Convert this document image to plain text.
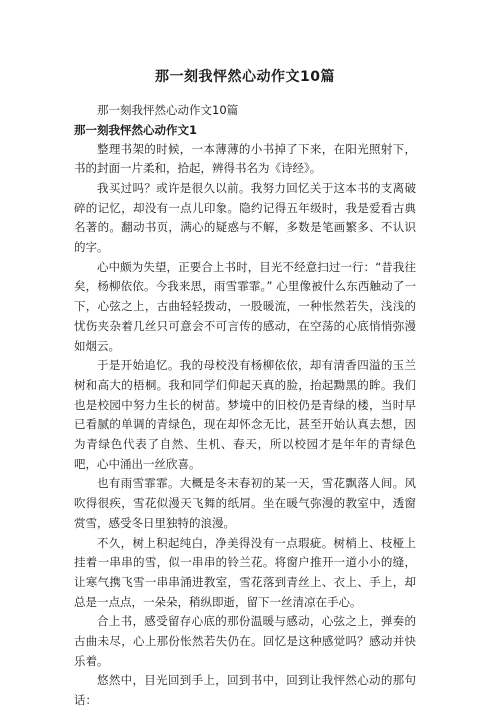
那一刻我怦然心动作文10篇

那一刻我怦然心动作文10篇

那一刻我怦然心动作文1

整理书架的时候，一本薄薄的小书掉了下来，在阳光照射下，书的封面一片柔和，拾起，辨得书名为《诗经》。

我买过吗？或许是很久以前。我努力回忆关于这本书的支离破碎的记忆，却没有一点儿印象。隐约记得五年级时，我是爱看古典名著的。翻动书页，满心的疑惑与不解，多数是笔画繁多、不认识的字。

心中颇为失望，正要合上书时，目光不经意扫过一行：“昔我往矣，杨柳依依。今我来思，雨雪霏霏。” 心里像被什么东西触动了一下，心弦之上，古曲轻轻拨动，一股暖流，一种怅然若失，浅浅的忧伤夹杂着几丝只可意会不可言传的感动，在空荡的心底悄悄弥漫如烟云。

于是开始追忆。我的母校没有杨柳依依，却有清香四溢的玉兰树和高大的梧桐。我和同学们仰起天真的脸，抬起黝黑的眸。我们也是校园中努力生长的树苗。梦境中的旧校仍是青绿的楼，当时早已看腻的单调的青绿色，现在却怀念无比，甚至开始认真去想，因为青绿色代表了自然、生机、春天，所以校园才是年年的青绿色吧，心中涌出一丝欣喜。

也有雨雪霏霏。大概是冬末春初的某一天，雪花飘落人间。风吹得很疾，雪花似漫天飞舞的纸屑。坐在暖气弥漫的教室中，透窗赏雪，感受冬日里独特的浪漫。

不久，树上积起纯白，净美得没有一点瑕疵。树梢上、枝桠上挂着一串串的雪，似一串串的铃兰花。将窗户推开一道小小的缝，让寒气携飞雪一串串涌进教室，雪花落到青丝上、衣上、手上，却总是一点点，一朵朵，稍纵即逝，留下一丝清凉在手心。

合上书，感受留存心底的那份温暖与感动，心弦之上，弹奏的古曲未尽，心上那份怅然若失仍在。回忆是这种感觉吗？感动并快乐着。

悠然中，目光回到手上，回到书中，回到让我怦然心动的那句话：
